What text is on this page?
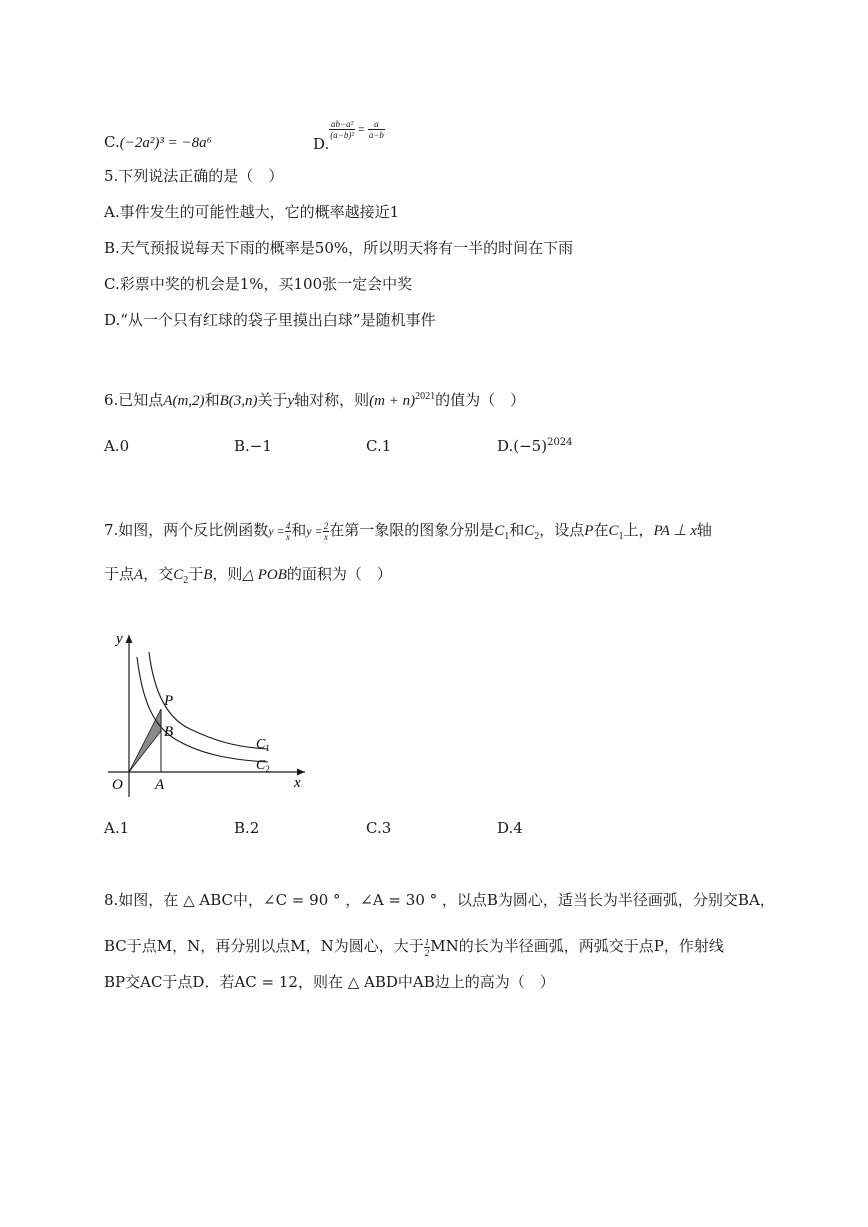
C.(−2a²)³ = −8a⁶	D.
$\frac{\text{ab−a²}}{\text{(a−b)²}} = \frac{a}{a-b}$
5.下列说法正确的是（　）
A.事件发生的可能性越大，它的概率越接近1
B.天气预报说每天下雨的概率是50%，所以明天将有一半的时间在下雨
C.彩票中奖的机会是1%，买100张一定会中奖
D.“从一个只有红球的袋子里摸出白球”是随机事件
6.已知点A(m,2)和B(3,n)关于y轴对称，则$(m + n)^{2021}$的值为（　）
A.0	B.−1	C.1	$D.(-5)^{2024}$
7.如图，两个反比例函数$y = \frac{4}{x}$ 和$y = \frac{2}{x}$ 在第一象限的图象分别是$C_1$和$C_2$，设点P在$C_1$上，PA ⊥ x轴
于点A，交$C_2$于B，则△ POB的面积为（　）
y
x
O A
P
B
$C_1$
$C_2$
A.1	B.2	C.3	D.4
8.如图，在 △ ABC中，∠C = 90 ° ，∠A = 30 ° ，以点B为圆心，适当长为半径画弧，分别交BA，
BC于点M，N，再分别以点M，N为圆心，大于 $\frac{1}{2}$ MN的长为半径画弧，两弧交于点P，作射线
BP交AC于点D．若AC = 12，则在 △ ABD中AB边上的高为（　）
